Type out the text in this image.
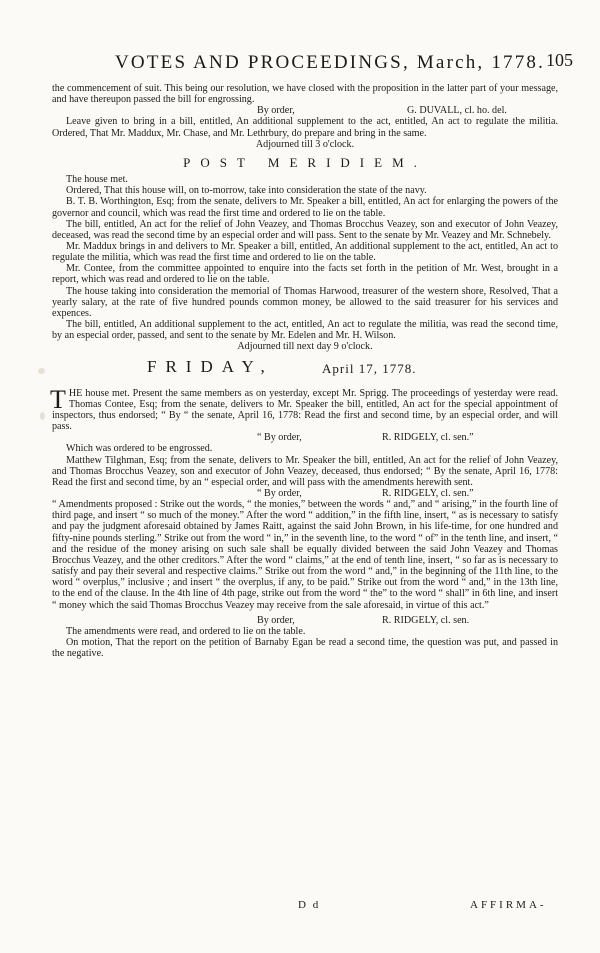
VOTES AND PROCEEDINGS, March, 1778. 105

the commencement of suit. This being our resolution, we have closed with the proposition in the latter part of your message, and have thereupon passed the bill for engrossing.

By order,	G. DUVALL, cl. ho. del.

Leave given to bring in a bill, entitled, An additional supplement to the act, entitled, An act to regulate the militia. Ordered, That Mr. Maddux, Mr. Chase, and Mr. Lethrbury, do prepare and bring in the same.

Adjourned till 3 o'clock.

POST MERIDIEM.

The house met.

Ordered, That this house will, on to-morrow, take into consideration the state of the navy.

B. T. B. Worthington, Esq; from the senate, delivers to Mr. Speaker a bill, entitled, An act for enlarging the powers of the governor and council, which was read the first time and ordered to lie on the table.

The bill, entitled, An act for the relief of John Veazey, and Thomas Brocchus Veazey, son and executor of John Veazey, deceased, was read the second time by an especial order and will pass. Sent to the senate by Mr. Veazey and Mr. Schnebely.

Mr. Maddux brings in and delivers to Mr. Speaker a bill, entitled, An additional supplement to the act, entitled, An act to regulate the militia, which was read the first time and ordered to lie on the table.

Mr. Contee, from the committee appointed to enquire into the facts set forth in the petition of Mr. West, brought in a report, which was read and ordered to lie on the table.

The house taking into consideration the memorial of Thomas Harwood, treasurer of the western shore, Resolved, That a yearly salary, at the rate of five hundred pounds common money, be allowed to the said treasurer for his services and expences.

The bill, entitled, An additional supplement to the act, entitled, An act to regulate the militia, was read the second time, by an especial order, passed, and sent to the senate by Mr. Edelen and Mr. H. Wilson.

Adjourned till next day 9 o'clock.

FRIDAY,	April 17, 1778.

THE house met. Present the same members as on yesterday, except Mr. Sprigg. The proceedings of yesterday were read. Thomas Contee, Esq; from the senate, delivers to Mr. Speaker the bill, entitled, An act for the special appointment of inspectors, thus endorsed; “ By “ the senate, April 16, 1778: Read the first and second time, by an especial order, and will pass.

“ By order,	R. RIDGELY, cl. sen.”

Which was ordered to be engrossed.

Matthew Tilghman, Esq; from the senate, delivers to Mr. Speaker the bill, entitled, An act for the relief of John Veazey, and Thomas Brocchus Veazey, son and executor of John Veazey, deceased, thus endorsed; “ By the senate, April 16, 1778: Read the first and second time, by an “ especial order, and will pass with the amendments herewith sent.

“ By order,	R. RIDGELY, cl. sen.”

“ Amendments proposed : Strike out the words, “ the monies,” between the words “ and,” and “ arising,” in the fourth line of third page, and insert “ so much of the money.” After the word “ addition,” in the fifth line, insert, “ as is necessary to satisfy and pay the judgment aforesaid obtained by James Raitt, against the said John Brown, in his life-time, for one hundred and fifty-nine pounds sterling.” Strike out from the word “ in,” in the seventh line, to the word “ of” in the tenth line, and insert, “ and the residue of the money arising on such sale shall be equally divided between the said John Veazey and Thomas Brocchus Veazey, and the other creditors.” After the word “ claims,” at the end of tenth line, insert, “ so far as is necessary to satisfy and pay their several and respective claims.” Strike out from the word “ and,” in the beginning of the 11th line, to the word “ overplus,” inclusive ; and insert “ the overplus, if any, to be paid.” Strike out from the word “ and,” in the 13th line, to the end of the clause. In the 4th line of 4th page, strike out from the word “ the” to the word “ shall” in 6th line, and insert “ money which the said Thomas Brocchus Veazey may receive from the sale aforesaid, in virtue of this act.”

By order,	R. RIDGELY, cl. sen.

The amendments were read, and ordered to lie on the table.

On motion, That the report on the petition of Barnaby Egan be read a second time, the question was put, and passed in the negative.

D d	AFFIRMA-
